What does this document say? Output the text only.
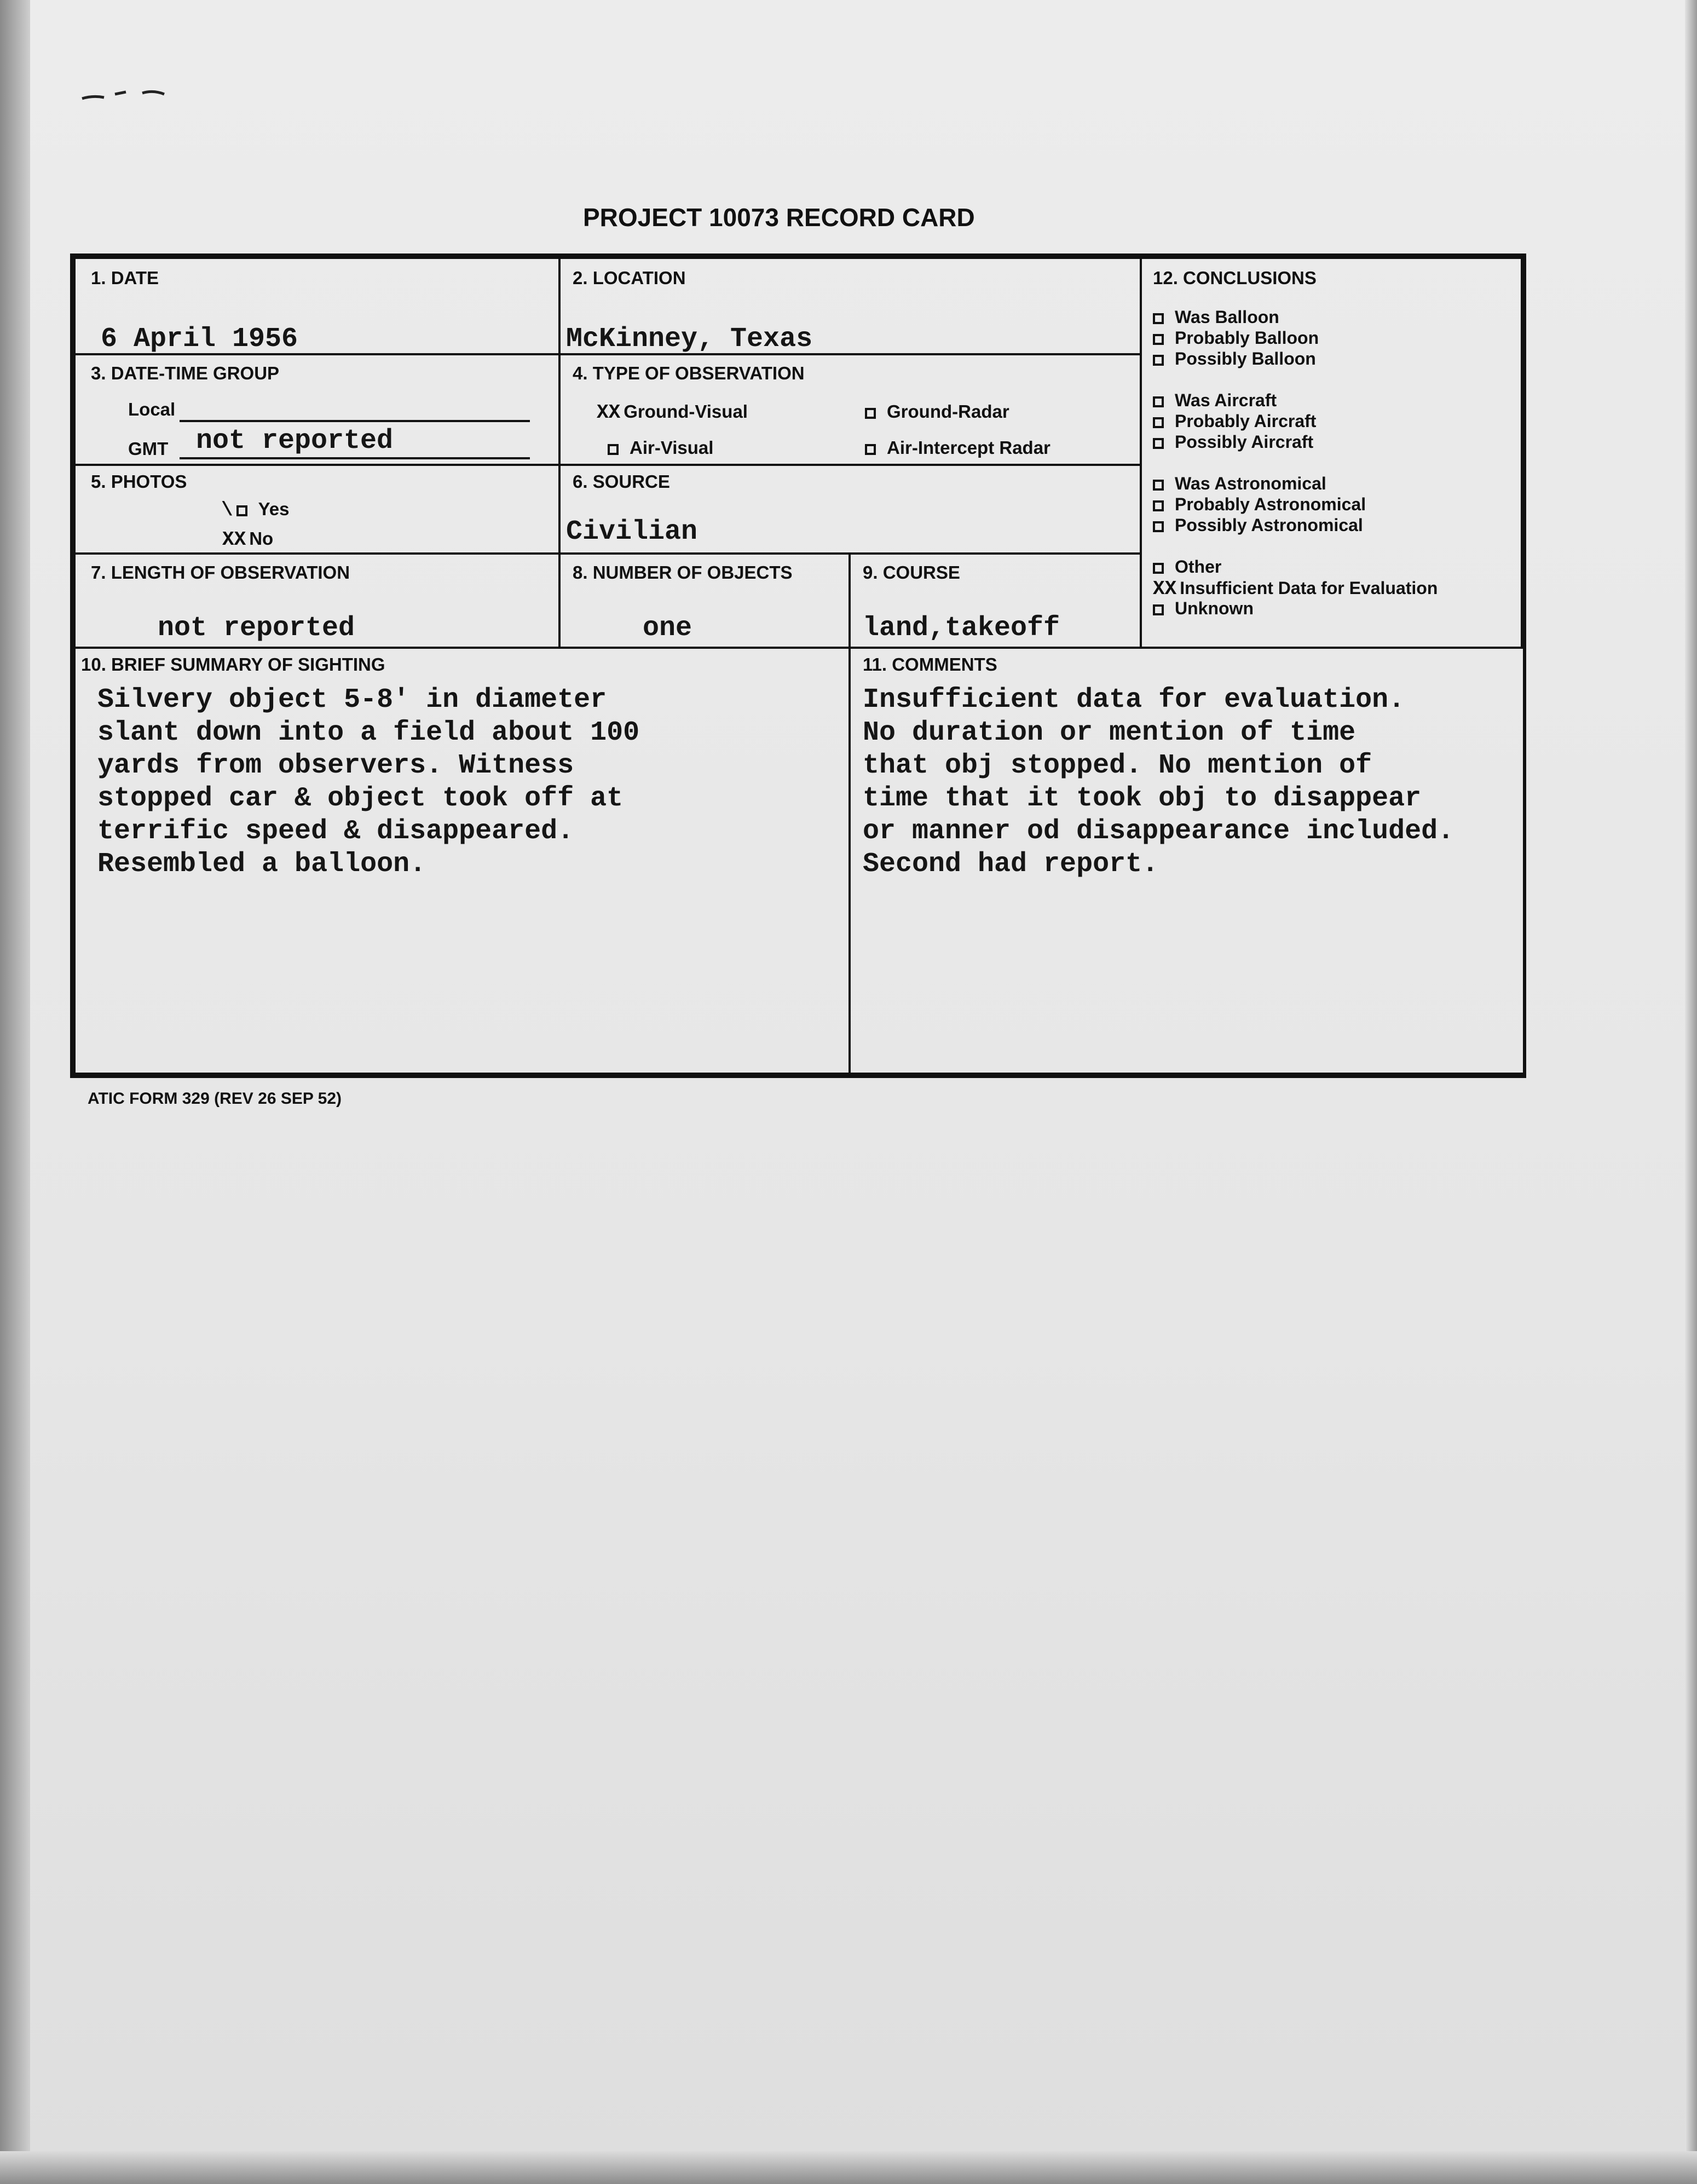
PROJECT 10073 RECORD CARD
1. DATE
6 April 1956
2. LOCATION
McKinney, Texas
3. DATE-TIME GROUP
Local
GMT not reported
4. TYPE OF OBSERVATION
XX Ground-Visual	Ground-Radar
Air-Visual	Air-Intercept Radar
5. PHOTOS
\ Yes
XX No
6. SOURCE
Civilian
7. LENGTH OF OBSERVATION
not reported
8. NUMBER OF OBJECTS
one
9. COURSE
land,takeoff
12. CONCLUSIONS
Was Balloon
Probably Balloon
Possibly Balloon
Was Aircraft
Probably Aircraft
Possibly Aircraft
Was Astronomical
Probably Astronomical
Possibly Astronomical
Other
XX Insufficient Data for Evaluation
Unknown
10. BRIEF SUMMARY OF SIGHTING
Silvery object 5-8' in diameter
slant down into a field about 100
yards from observers. Witness
stopped car & object took off at
terrific speed & disappeared.
Resembled a balloon.
11. COMMENTS
Insufficient data for evaluation.
No duration or mention of time
that obj stopped. No mention of
time that it took obj to disappear
or manner od disappearance included.
Second had report.
ATIC FORM 329 (REV 26 SEP 52)
